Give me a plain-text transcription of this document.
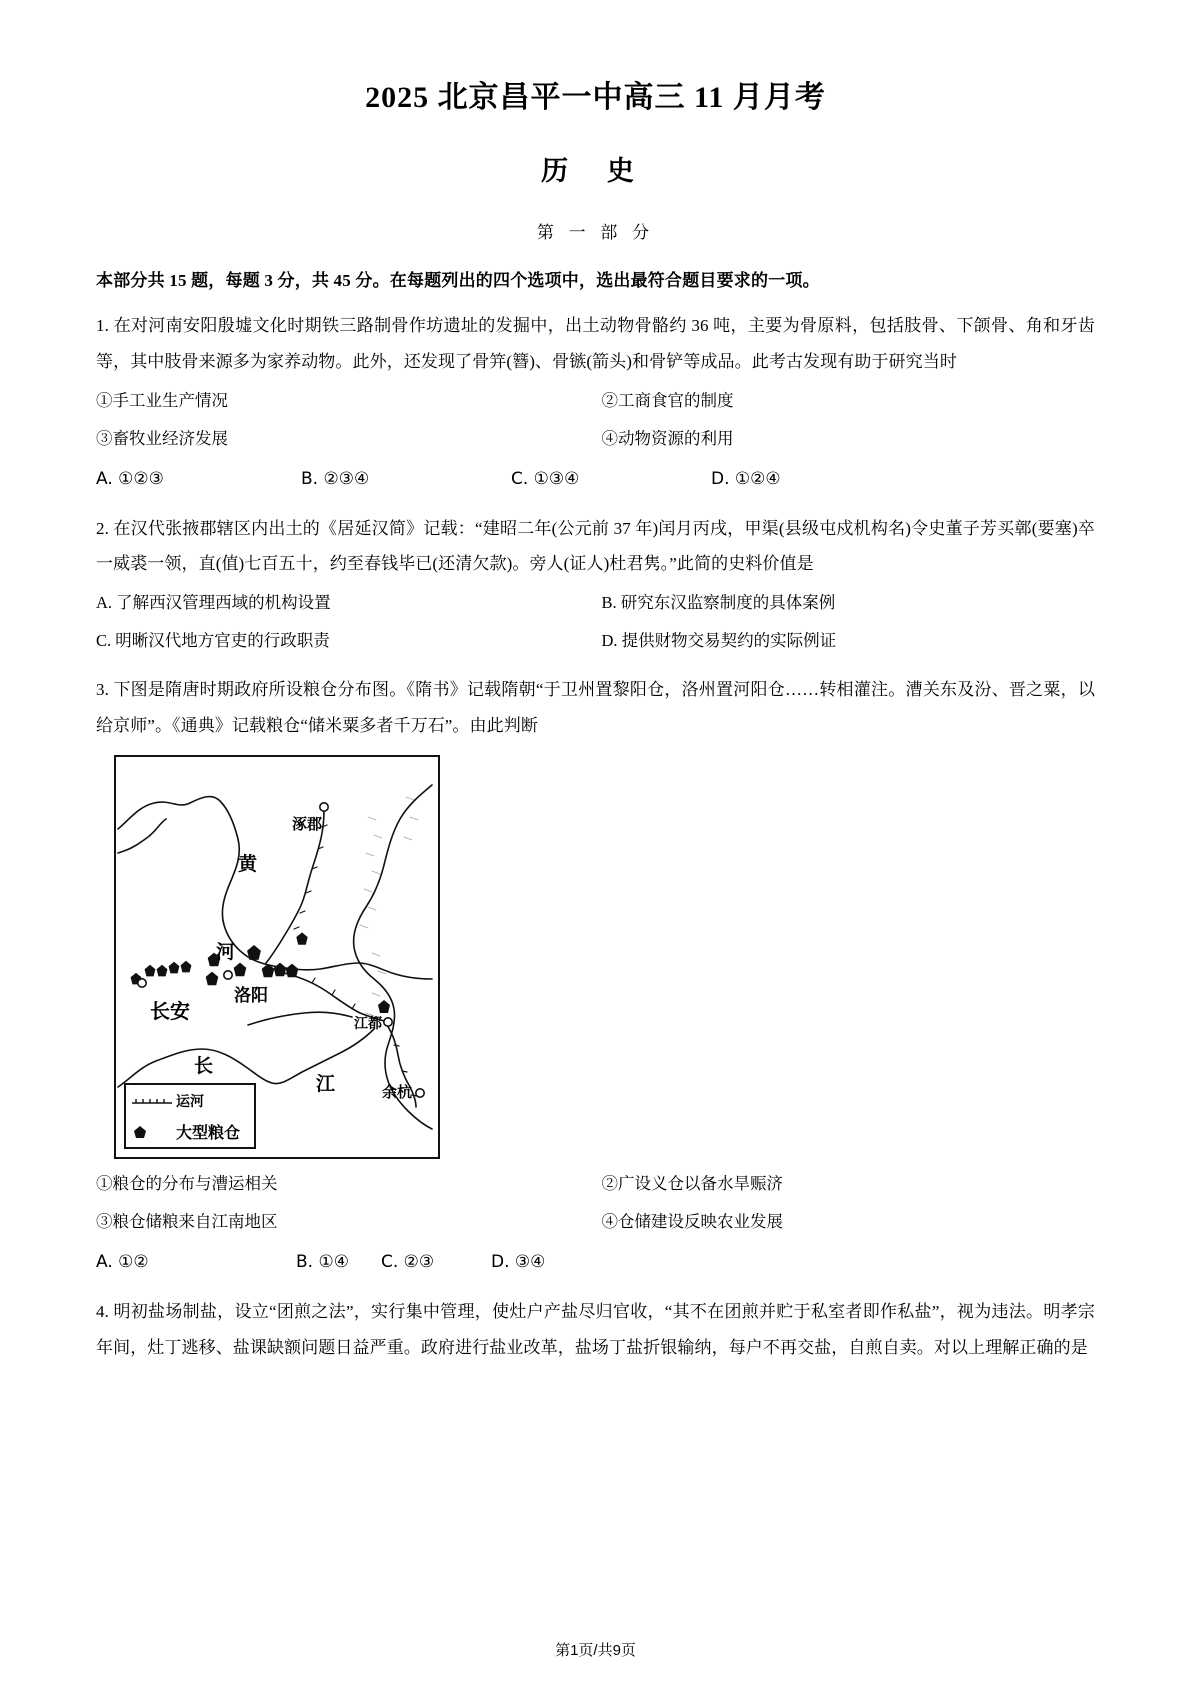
2025 北京昌平一中高三 11 月月考
历 史
第 一 部 分
本部分共 15 题，每题 3 分，共 45 分。在每题列出的四个选项中，选出最符合题目要求的一项。
1. 在对河南安阳殷墟文化时期铁三路制骨作坊遗址的发掘中，出土动物骨骼约 36 吨，主要为骨原料，包括肢骨、下颌骨、角和牙齿等，其中肢骨来源多为家养动物。此外，还发现了骨笄(簪)、骨镞(箭头)和骨铲等成品。此考古发现有助于研究当时
①手工业生产情况	②工商食官的制度
③畜牧业经济发展	④动物资源的利用
A. ①②③	B. ②③④	C. ①③④	D. ①②④
2. 在汉代张掖郡辖区内出土的《居延汉简》记载：“建昭二年(公元前 37 年)闰月丙戌，甲渠(县级屯戍机构名)令史董子芳买鄣(要塞)卒一威裘一领，直(值)七百五十，约至春钱毕已(还清欠款)。旁人(证人)杜君隽。”此简的史料价值是
A. 了解西汉管理西域的机构设置	B. 研究东汉监察制度的具体案例
C. 明晰汉代地方官吏的行政职责	D. 提供财物交易契约的实际例证
3. 下图是隋唐时期政府所设粮仓分布图。《隋书》记载隋朝“于卫州置黎阳仓，洛州置河阳仓……转相灌注。漕关东及汾、晋之粟，以给京师”。《通典》记载粮仓“储米粟多者千万石”。由此判断
涿郡
黄
河
洛阳
长安
江都
长
江	余杭
运河
大型粮仓
①粮仓的分布与漕运相关	②广设义仓以备水旱赈济
③粮仓储粮来自江南地区	④仓储建设反映农业发展
A. ①②	B. ①④	C. ②③	D. ③④
4. 明初盐场制盐，设立“团煎之法”，实行集中管理，使灶户产盐尽归官收，“其不在团煎并贮于私室者即作私盐”，视为违法。明孝宗年间，灶丁逃移、盐课缺额问题日益严重。政府进行盐业改革，盐场丁盐折银输纳，每户不再交盐，自煎自卖。对以上理解正确的是
第1页/共9页
